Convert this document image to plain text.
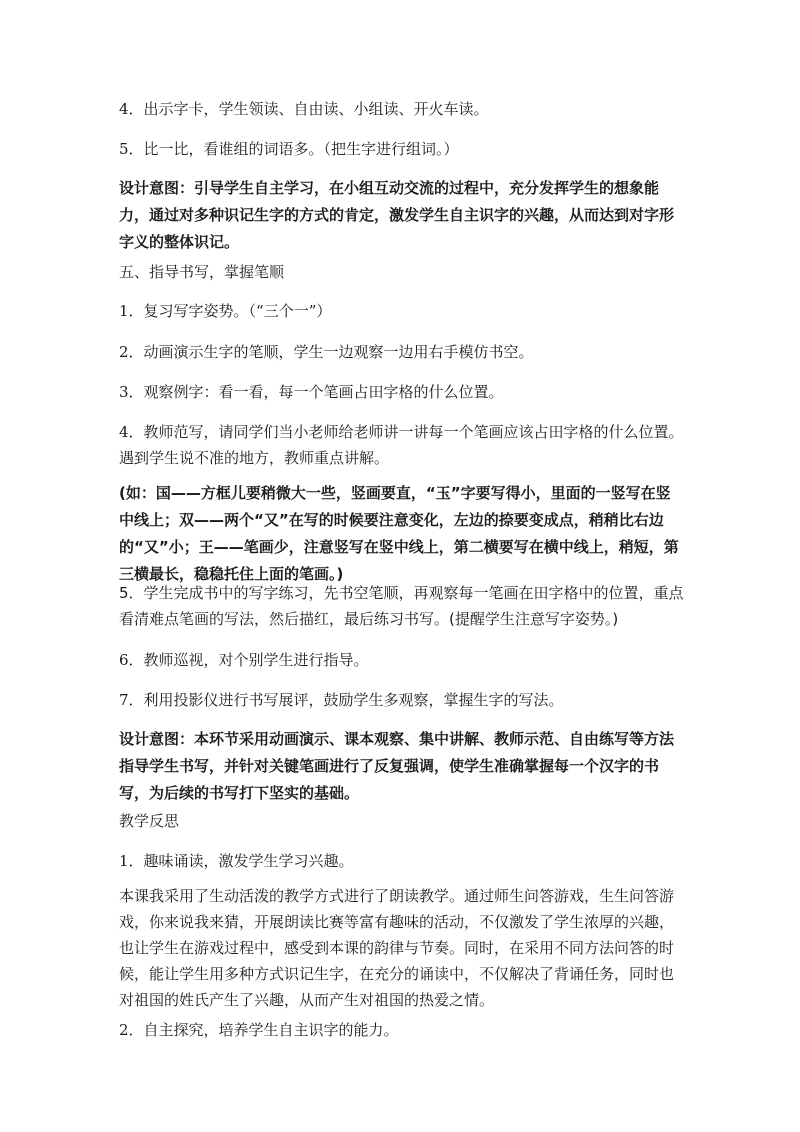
4．出示字卡，学生领读、自由读、小组读、开火车读。

5．比一比，看谁组的词语多。（把生字进行组词。）

设计意图：引导学生自主学习，在小组互动交流的过程中，充分发挥学生的想象能力，通过对多种识记生字的方式的肯定，激发学生自主识字的兴趣，从而达到对字形字义的整体识记。

五、指导书写，掌握笔顺

1．复习写字姿势。（“三个一”）

2．动画演示生字的笔顺，学生一边观察一边用右手模仿书空。

3．观察例字：看一看，每一个笔画占田字格的什么位置。

4．教师范写，请同学们当小老师给老师讲一讲每一个笔画应该占田字格的什么位置。遇到学生说不准的地方，教师重点讲解。

(如：国——方框儿要稍微大一些，竖画要直，“玉”字要写得小，里面的一竖写在竖中线上；双——两个“又”在写的时候要注意变化，左边的捺要变成点，稍稍比右边的“又”小；王——笔画少，注意竖写在竖中线上，第二横要写在横中线上，稍短，第三横最长，稳稳托住上面的笔画。)

5．学生完成书中的写字练习，先书空笔顺，再观察每一笔画在田字格中的位置，重点看清难点笔画的写法，然后描红，最后练习书写。(提醒学生注意写字姿势。)

6．教师巡视，对个别学生进行指导。

7．利用投影仪进行书写展评，鼓励学生多观察，掌握生字的写法。

设计意图：本环节采用动画演示、课本观察、集中讲解、教师示范、自由练写等方法指导学生书写，并针对关键笔画进行了反复强调，使学生准确掌握每一个汉字的书写，为后续的书写打下坚实的基础。

教学反思

1．趣味诵读，激发学生学习兴趣。

本课我采用了生动活泼的教学方式进行了朗读教学。通过师生问答游戏，生生问答游戏，你来说我来猜，开展朗读比赛等富有趣味的活动，不仅激发了学生浓厚的兴趣，也让学生在游戏过程中，感受到本课的韵律与节奏。同时，在采用不同方法问答的时候，能让学生用多种方式识记生字，在充分的诵读中，不仅解决了背诵任务，同时也对祖国的姓氏产生了兴趣，从而产生对祖国的热爱之情。

2．自主探究，培养学生自主识字的能力。
